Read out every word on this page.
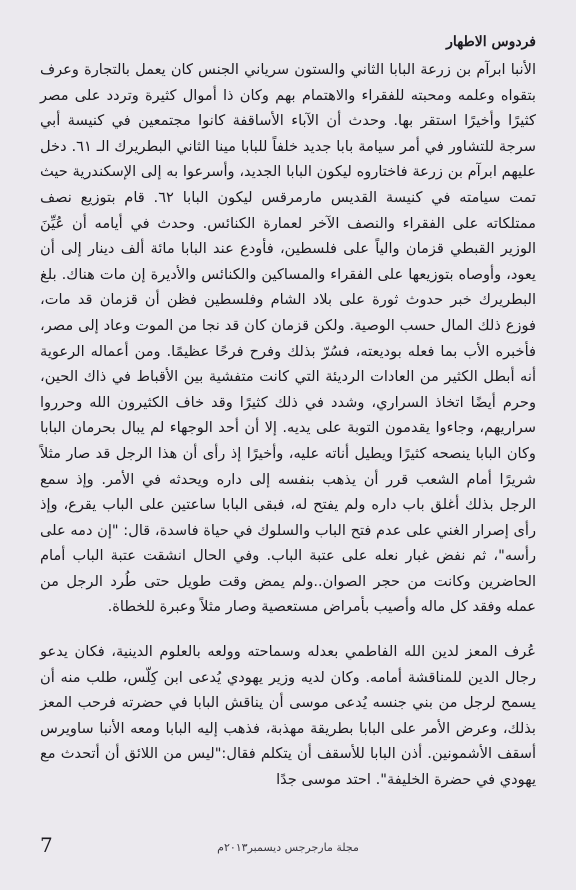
فردوس الاطهار

الأنبا ابرآم بن زرعة البابا الثاني والستون سرياني الجنس كان يعمل بالتجارة وعرف بتقواه وعلمه ومحبته للفقراء والاهتمام بهم وكان ذا أموال كثيرة وتردد على مصر كثيرًا وأخيرًا استقر بها. وحدث أن الآباء الأساقفة كانوا مجتمعين في كنيسة أبي سرجة للتشاور في أمر سيامة بابا جديد خلفاً للبابا مينا الثاني البطريرك الـ ٦١. دخل عليهم ابرآم بن زرعة فاختاروه ليكون البابا الجديد، وأسرعوا به إلى الإسكندرية حيث تمت سيامته في كنيسة القديس مارمرقس ليكون البابا ٦٢. قام بتوزيع نصف ممتلكاته على الفقراء والنصف الآخر لعمارة الكنائس. وحدث في أيامه أن عُيِّنَ الوزير القبطي قزمان والياً على فلسطين، فأودع عند البابا مائة ألف دينار إلى أن يعود، وأوصاه بتوزيعها على الفقراء والمساكين والكنائس والأديرة إن مات هناك. بلغ البطريرك خبر حدوث ثورة على بلاد الشام وفلسطين فظن أن قزمان قد مات، فوزع ذلك المال حسب الوصية. ولكن قزمان كان قد نجا من الموت وعاد إلى مصر، فأخبره الأب بما فعله بوديعته، فسُرّ بذلك وفرح فرحًا عظيمًا. ومن أعماله الرعوية أنه أبطل الكثير من العادات الرديئة التي كانت متفشية بين الأقباط في ذاك الحين، وحرم أيضًا اتخاذ السراري، وشدد في ذلك كثيرًا وقد خاف الكثيرون الله وحرروا سراريهم، وجاءوا يقدمون التوبة على يديه. إلا أن أحد الوجهاء لم يبال بحرمان البابا وكان البابا ينصحه كثيرًا ويطيل أناته عليه، وأخيرًا إذ رأى أن هذا الرجل قد صار مثلاً شريرًا أمام الشعب قرر أن يذهب بنفسه إلى داره ويحدثه في الأمر. وإذ سمع الرجل بذلك أغلق باب داره ولم يفتح له، فبقى البابا ساعتين على الباب يقرع، وإذ رأى إصرار الغني على عدم فتح الباب والسلوك في حياة فاسدة، قال: "إن دمه على رأسه"، ثم نفض غبار نعله على عتبة الباب. وفي الحال انشقت عتبة الباب أمام الحاضرين وكانت من حجر الصوان..ولم يمض وقت طويل حتى طُرد الرجل من عمله وفقد كل ماله وأصيب بأمراض مستعصية وصار مثلاً وعبرة للخطاة.

عُرف المعز لدين الله الفاطمي بعدله وسماحته وولعه بالعلوم الدينية، فكان يدعو رجال الدين للمناقشة أمامه. وكان لديه وزير يهودي يُدعى ابن كِلّس، طلب منه أن يسمح لرجل من بني جنسه يُدعى موسى أن يناقش البابا في حضرته فرحب المعز بذلك، وعرض الأمر على البابا بطريقة مهذبة، فذهب إليه البابا ومعه الأنبا ساويرس أسقف الأشمونين. أذن البابا للأسقف أن يتكلم فقال:"ليس من اللائق أن أتحدث مع يهودي في حضرة الخليفة". احتد موسى جدًا

مجلة مارجرجس ديسمبر٢٠١٣م
7
